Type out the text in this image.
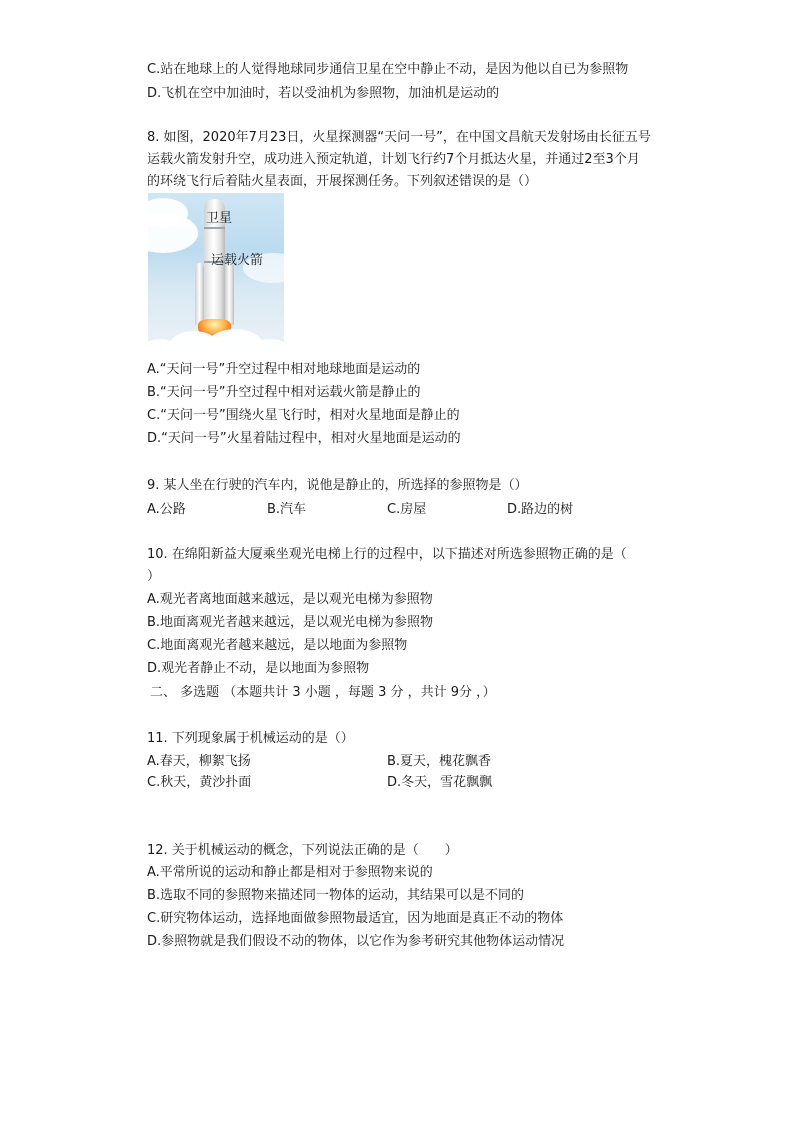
C.站在地球上的人觉得地球同步通信卫星在空中静止不动，是因为他以自已为参照物
D.飞机在空中加油时，若以受油机为参照物，加油机是运动的
8. 如图，2020年7月23日，火星探测器“天问一号”，在中国文昌航天发射场由长征五号
运载火箭发射升空，成功进入预定轨道，计划飞行约7个月抵达火星，并通过2至3个月
的环绕飞行后着陆火星表面，开展探测任务。下列叙述错误的是（）
卫星
运载火箭
A.“天问一号”升空过程中相对地球地面是运动的
B.“天问一号”升空过程中相对运载火箭是静止的
C.“天问一号”围绕火星飞行时，相对火星地面是静止的
D.“天问一号”火星着陆过程中，相对火星地面是运动的
9. 某人坐在行驶的汽车内，说他是静止的，所选择的参照物是（）
A.公路	B.汽车	C.房屋	D.路边的树
10. 在绵阳新益大厦乘坐观光电梯上行的过程中，以下描述对所选参照物正确的是（
）
A.观光者离地面越来越远，是以观光电梯为参照物
B.地面离观光者越来越远，是以观光电梯为参照物
C.地面离观光者越来越远，是以地面为参照物
D.观光者静止不动，是以地面为参照物
二、 多选题 （本题共计 3 小题 ，每题 3 分 ，共计 9分 ，）
11. 下列现象属于机械运动的是（）
A.春天，柳絮飞扬	B.夏天，槐花飘香
C.秋天，黄沙扑面	D.冬天，雪花飘飘
12. 关于机械运动的概念，下列说法正确的是（　　）
A.平常所说的运动和静止都是相对于参照物来说的
B.选取不同的参照物来描述同一物体的运动，其结果可以是不同的
C.研究物体运动，选择地面做参照物最适宜，因为地面是真正不动的物体
D.参照物就是我们假设不动的物体，以它作为参考研究其他物体运动情况
